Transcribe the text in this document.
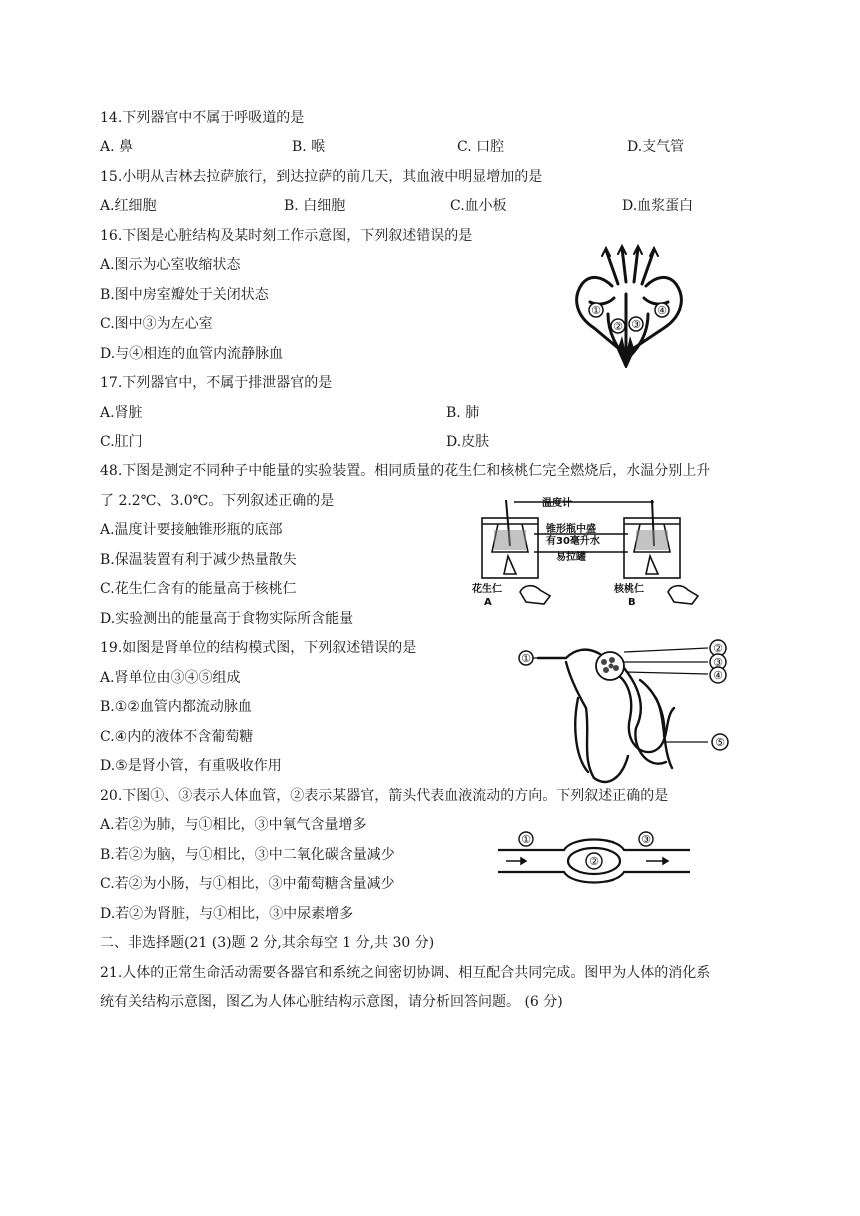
14.下列器官中不属于呼吸道的是
A. 鼻	B. 喉	C. 口腔	D.支气管
15.小明从吉林去拉萨旅行，到达拉萨的前几天，其血液中明显增加的是
A.红细胞	B. 白细胞	C.血小板	D.血浆蛋白
16.下图是心脏结构及某时刻工作示意图，下列叙述错误的是
A.图示为心室收缩状态
B.图中房室瓣处于关闭状态
C.图中③为左心室
D.与④相连的血管内流静脉血
①
② ③
④
17.下列器官中，不属于排泄器官的是
A.肾脏	B. 肺
C.肛门	D.皮肤
48.下图是测定不同种子中能量的实验装置。相同质量的花生仁和核桃仁完全燃烧后，水温分别上升
了 2.2℃、3.0℃。下列叙述正确的是
A.温度计要接触锥形瓶的底部
B.保温装置有利于减少热量散失
C.花生仁含有的能量高于核桃仁
D.实验测出的能量高于食物实际所含能量
温度计
锥形瓶中盛
有30毫升水
易拉罐
花生仁
A
核桃仁
B
19.如图是肾单位的结构模式图，下列叙述错误的是
A.肾单位由③④⑤组成
B.①②血管内都流动脉血
C.④内的液体不含葡萄糖
D.⑤是肾小管，有重吸收作用
①
②
③
④
⑤
20.下图①、③表示人体血管，②表示某器官，箭头代表血液流动的方向。下列叙述正确的是
A.若②为肺，与①相比，③中氧气含量增多
B.若②为脑，与①相比，③中二氧化碳含量减少
C.若②为小肠，与①相比，③中葡萄糖含量减少
D.若②为肾脏，与①相比，③中尿素增多
①
②
③
二、非选择题(21 (3)题 2 分,其余每空 1 分,共 30 分)
21.人体的正常生命活动需要各器官和系统之间密切协调、相互配合共同完成。图甲为人体的消化系
统有关结构示意图，图乙为人体心脏结构示意图，请分析回答问题。 (6 分)
